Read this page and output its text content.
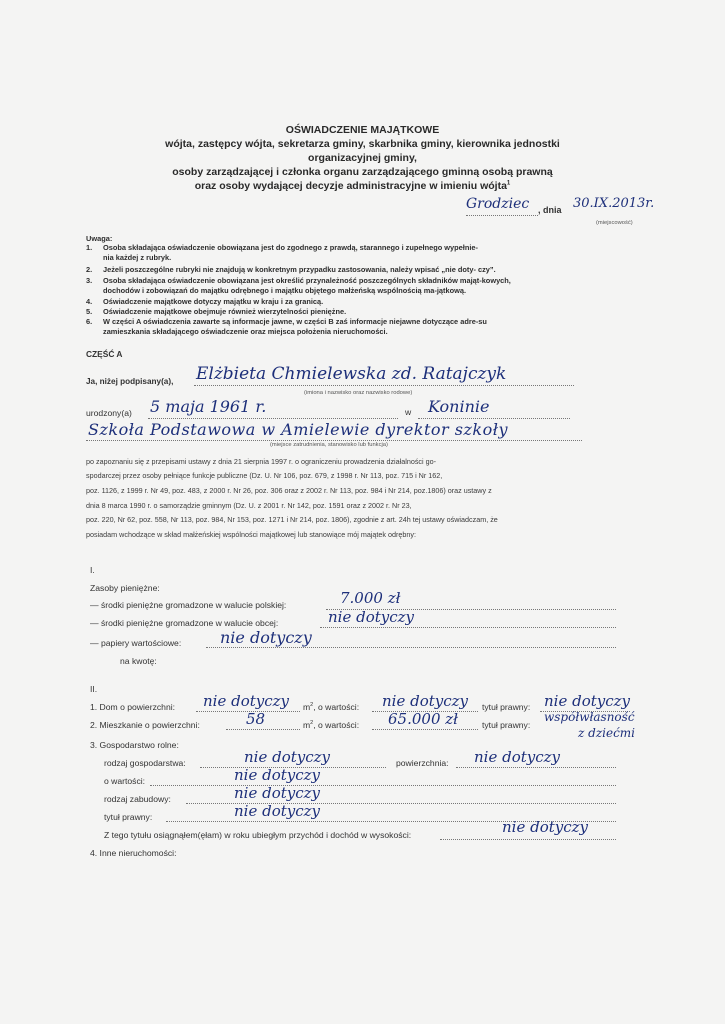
OŚWIADCZENIE MAJĄTKOWE
wójta, zastępcy wójta, sekretarza gminy, skarbnika gminy, kierownika jednostki
organizacyjnej gminy,
osoby zarządzającej i członka organu zarządzającego gminną osobą prawną
oraz osoby wydającej decyzje administracyjne w imieniu wójta$^1$
Grodziec , dnia 30.IX.2013r.
(miejscowość)
Uwaga:
1. Osoba składająca oświadczenie obowiązana jest do zgodnego z prawdą, starannego i zupełnego wypełnie-
nia każdej z rubryk.
2. Jeżeli poszczególne rubryki nie znajdują w konkretnym przypadku zastosowania, należy wpisać „nie doty- czy”.
3. Osoba składająca oświadczenie obowiązana jest określić przynależność poszczególnych składników mająt-kowych,
dochodów i zobowiązań do majątku odrębnego i majątku objętego małżeńską wspólnością ma-jątkową.
4. Oświadczenie majątkowe dotyczy majątku w kraju i za granicą.
5. Oświadczenie majątkowe obejmuje również wierzytelności pieniężne.
6. W części A oświadczenia zawarte są informacje jawne, w części B zaś informacje niejawne dotyczące adre-su
zamieszkania składającego oświadczenie oraz miejsca położenia nieruchomości.
CZĘŚĆ A
Ja, niżej podpisany(a), Elżbieta Chmielewska zd. Ratajczyk
(imiona i nazwisko oraz nazwisko rodowe)
urodzony(a) 5 maja 1961 r.	w Koninie
Szkoła Podstawowa w Amielewie dyrektor szkoły
(miejsce zatrudnienia, stanowisko lub funkcja)
po zapoznaniu się z przepisami ustawy z dnia 21 sierpnia 1997 r. o ograniczeniu prowadzenia działalności go-
spodarczej przez osoby pełniące funkcje publiczne (Dz. U. Nr 106, poz. 679, z 1998 r. Nr 113, poz. 715 i Nr 162,
poz. 1126, z 1999 r. Nr 49, poz. 483, z 2000 r. Nr 26, poz. 306 oraz z 2002 r. Nr 113, poz. 984 i Nr 214, poz.1806) oraz ustawy z
dnia 8 marca 1990 r. o samorządzie gminnym (Dz. U. z 2001 r. Nr 142, poz. 1591 oraz z 2002 r. Nr 23,
poz. 220, Nr 62, poz. 558, Nr 113, poz. 984, Nr 153, poz. 1271 i Nr 214, poz. 1806), zgodnie z art. 24h tej ustawy oświadczam, że
posiadam wchodzące w skład małżeńskiej wspólności majątkowej lub stanowiące mój majątek odrębny:
I.
Zasoby pieniężne:
— środki pieniężne gromadzone w walucie polskiej:	7.000 zł
— środki pieniężne gromadzone w walucie obcej:	nie dotyczy
— papiery wartościowe: nie dotyczy
na kwotę:
II.
1. Dom o powierzchni: nie dotyczy $m^2$, o wartości: nie dotyczy tytuł prawny: nie dotyczy
2. Mieszkanie o powierzchni:	58	$m^2$, o wartości: 65.000 zł	tytuł prawny:
współwłasność
z dziećmi
3. Gospodarstwo rolne:
rodzaj gospodarstwa:	nie dotyczy	powierzchnia: nie dotyczy
o wartości:	nie dotyczy
rodzaj zabudowy:	nie dotyczy
tytuł prawny:	nie dotyczy
Z tego tytułu osiągnąłem(ęłam) w roku ubiegłym przychód i dochód w wysokości:	nie dotyczy
4. Inne nieruchomości:
